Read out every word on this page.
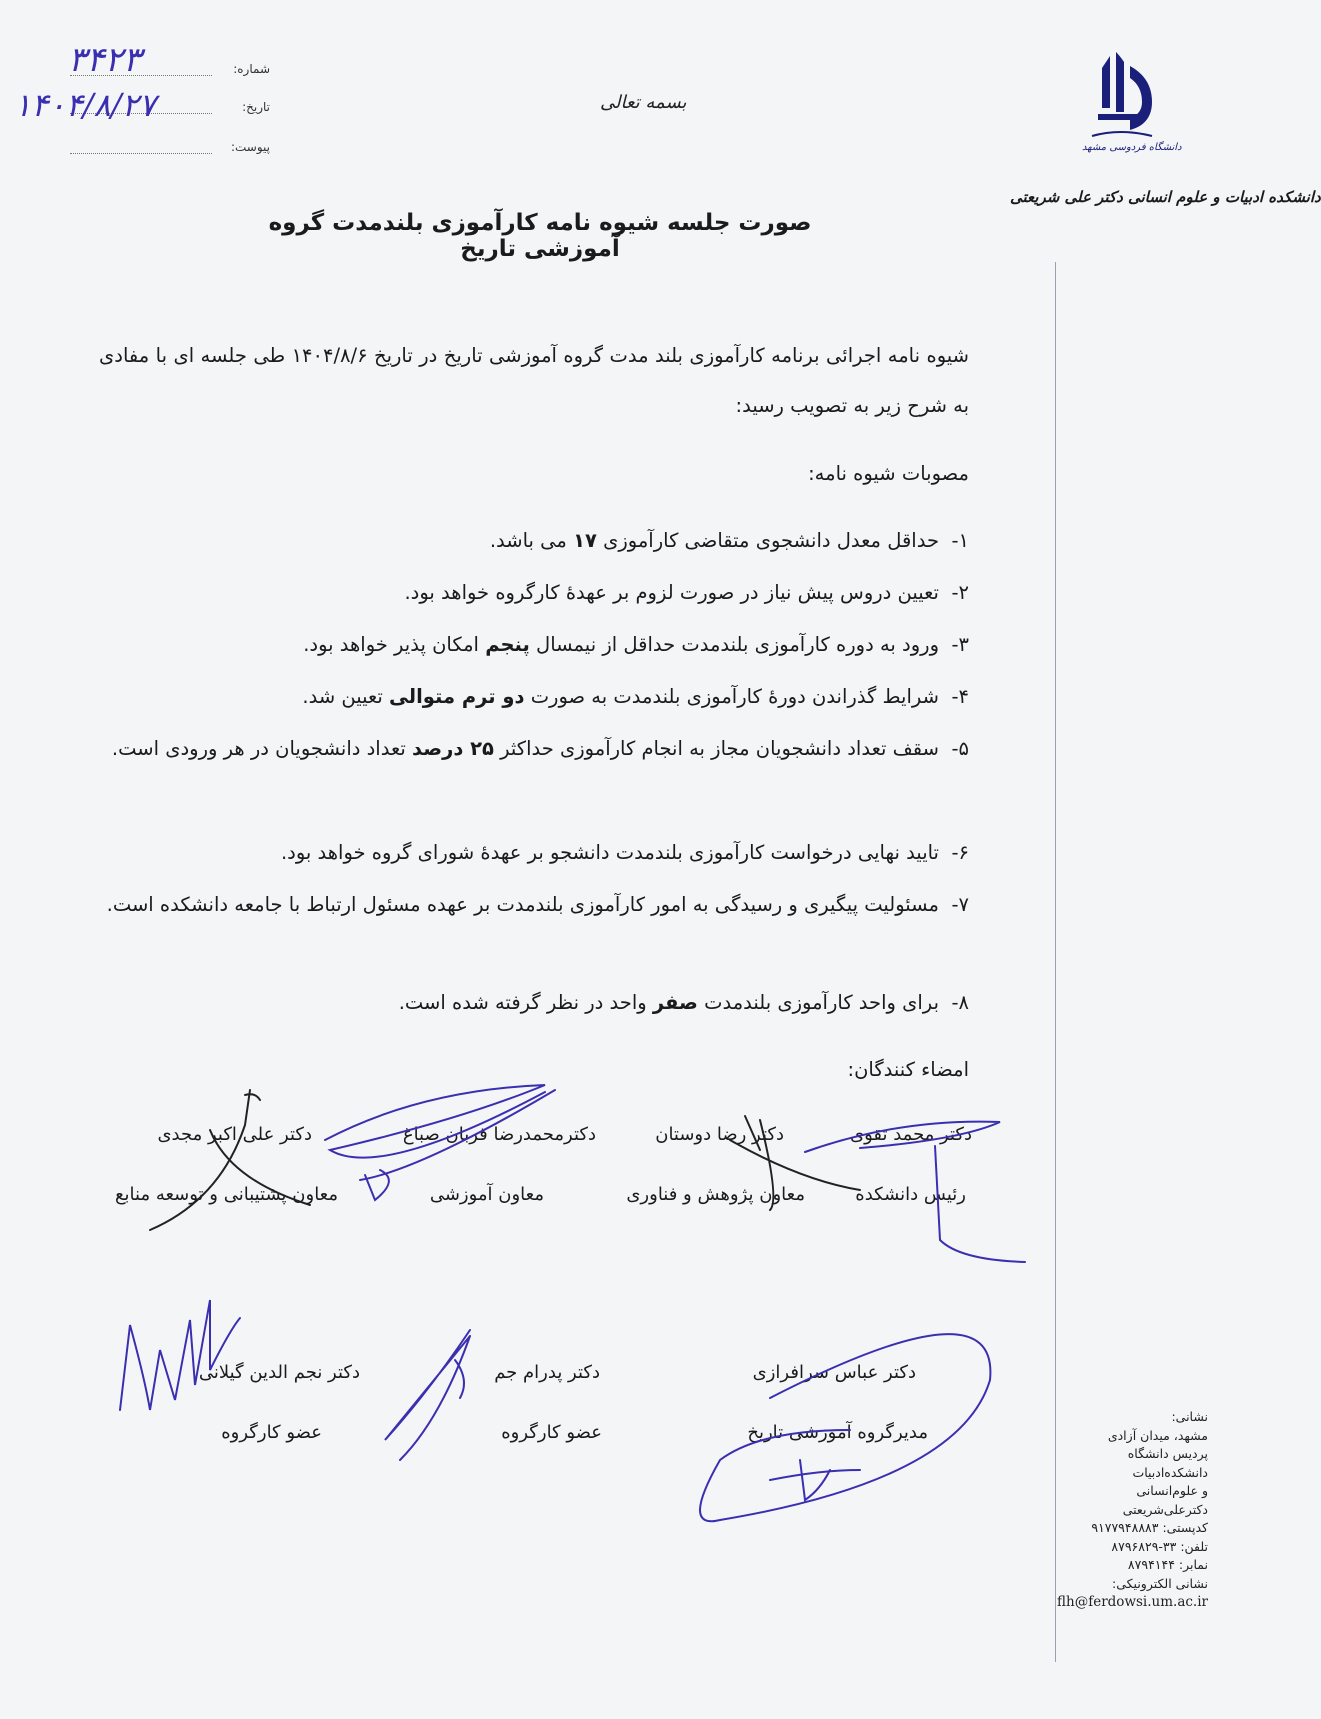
شماره:
۳۴۲۳
تاریخ:
۱۴۰۴/۸/۲۷
پیوست:
بسمه تعالی
دانشگاه فردوسی مشهد
دانشکده ادبیات و علوم انسانی دکتر علی شریعتی
صورت جلسه شیوه نامه کارآموزی بلندمدت گروه آموزشی تاریخ
شیوه نامه اجرائی برنامه کارآموزی بلند مدت گروه آموزشی تاریخ در تاریخ ۱۴۰۴/۸/۶ طی جلسه ای با مفادی به شرح زیر به تصویب رسید:
مصوبات شیوه نامه:
۱-حداقل معدل دانشجوی متقاضی کارآموزی ۱۷ می باشد.
۲-تعیین دروس پیش نیاز در صورت لزوم بر عهدهٔ کارگروه خواهد بود.
۳-ورود به دوره کارآموزی بلندمدت حداقل از نیمسال پنجم امکان پذیر خواهد بود.
۴-شرایط گذراندن دورهٔ کارآموزی بلندمدت به صورت دو ترم متوالی تعیین شد.
۵-سقف تعداد دانشجویان مجاز به انجام کارآموزی حداکثر ۲۵ درصد تعداد دانشجویان در هر ورودی است.
۶-تایید نهایی درخواست کارآموزی بلندمدت دانشجو بر عهدهٔ شورای گروه خواهد بود.
۷-مسئولیت پیگیری و رسیدگی به امور کارآموزی بلندمدت بر عهده مسئول ارتباط با جامعه دانشکده است.
۸-برای واحد کارآموزی بلندمدت صفر واحد در نظر گرفته شده است.
امضاء کنندگان:
دکتر محمد تقوی
رئیس دانشکده
دکتر رضا دوستان
معاون پژوهش و فناوری
دکترمحمدرضا قربان صباغ
معاون آموزشی
دکتر علی اکبر مجدی
معاون پشتیبانی و توسعه منابع
دکتر عباس سرافرازی
مدیرگروه آموزشی تاریخ
دکتر پدرام جم
عضو کارگروه
دکتر نجم الدین گیلانی
عضو کارگروه
نشانی:
مشهد، میدان آزادی
پردیس دانشگاه
دانشکده‌ادبیات
و علوم‌انسانی
دکترعلی‌شریعتی
کدپستی: ۹۱۷۷۹۴۸۸۸۳
تلفن: ۳۳-۸۷۹۶۸۲۹
نمابر: ۸۷۹۴۱۴۴
نشانی الکترونیکی:
flh@ferdowsi.um.ac.ir
